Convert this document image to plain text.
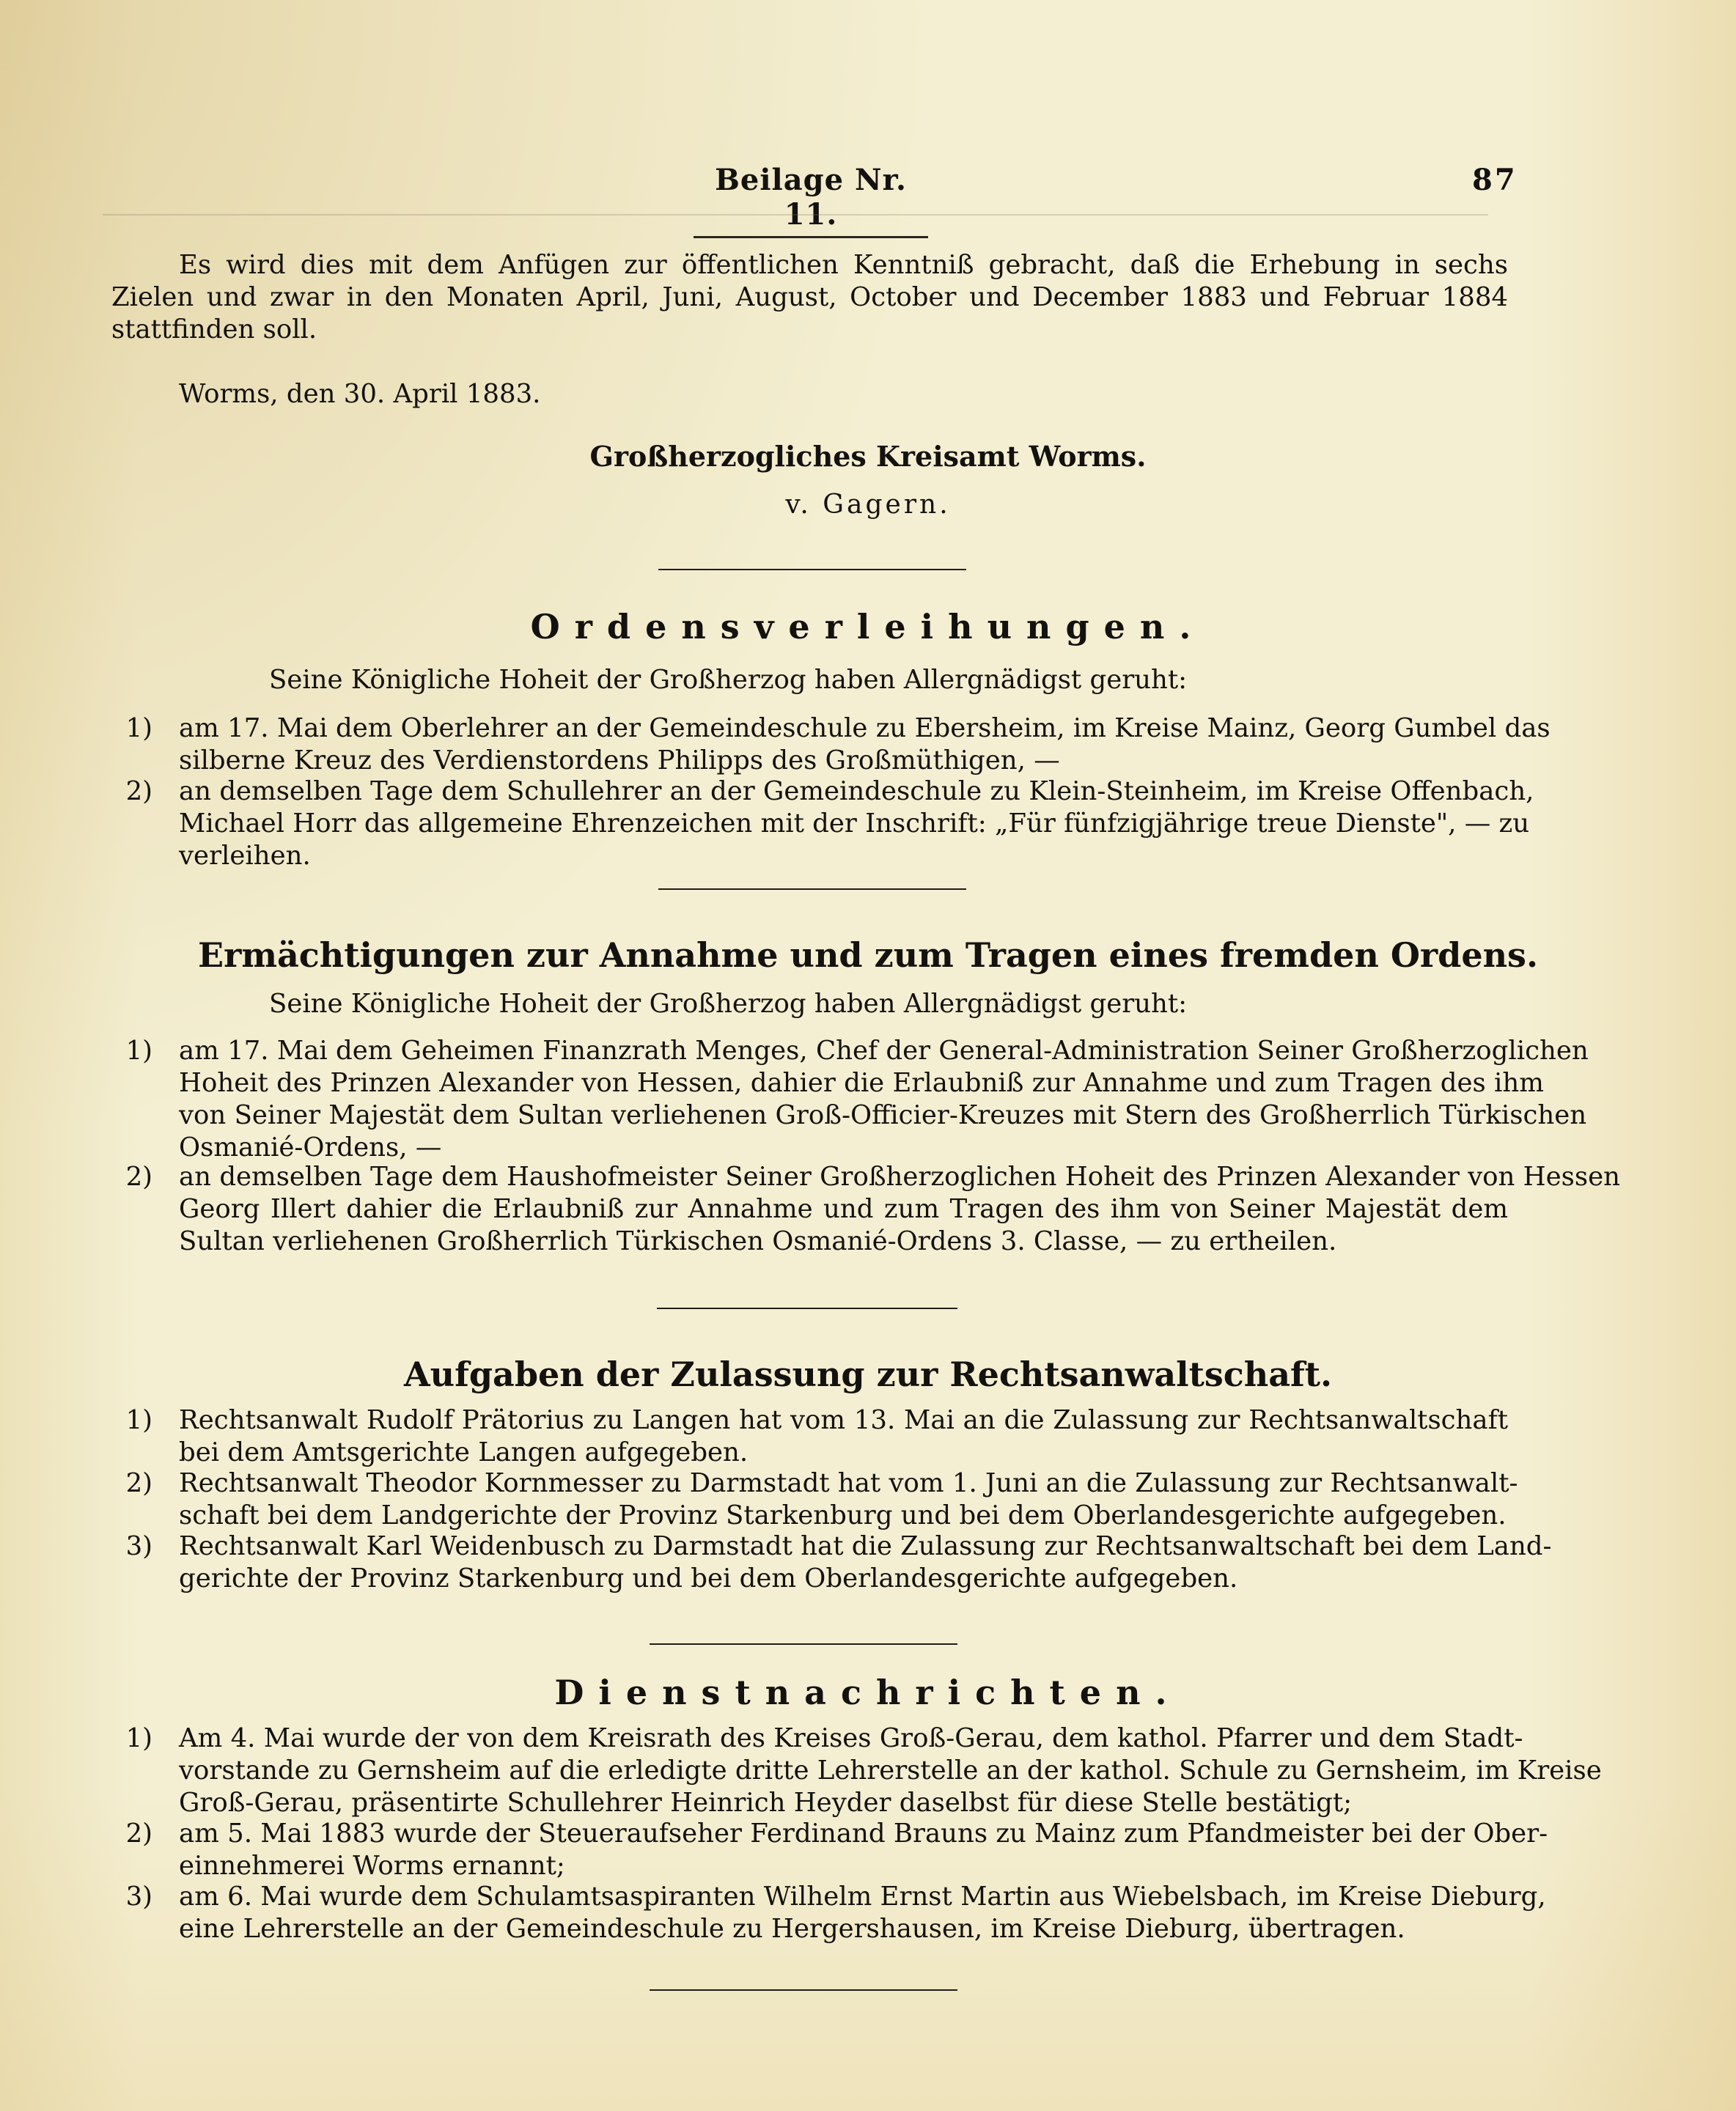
Beilage Nr. 11.
87
Es wird dies mit dem Anfügen zur öffentlichen Kenntniß gebracht, daß die Erhebung in sechs
Zielen und zwar in den Monaten April, Juni, August, October und December 1883 und Februar 1884
stattfinden soll.
Worms, den 30. April 1883.
Großherzogliches Kreisamt Worms.
v. Gagern.
Ordensverleihungen.
Seine Königliche Hoheit der Großherzog haben Allergnädigst geruht:
1) am 17. Mai dem Oberlehrer an der Gemeindeschule zu Ebersheim, im Kreise Mainz, Georg Gumbel das
silberne Kreuz des Verdienstordens Philipps des Großmüthigen, —
2) an demselben Tage dem Schullehrer an der Gemeindeschule zu Klein-Steinheim, im Kreise Offenbach,
Michael Horr das allgemeine Ehrenzeichen mit der Inschrift: „Für fünfzigjährige treue Dienste", — zu
verleihen.
Ermächtigungen zur Annahme und zum Tragen eines fremden Ordens.
Seine Königliche Hoheit der Großherzog haben Allergnädigst geruht:
1) am 17. Mai dem Geheimen Finanzrath Menges, Chef der General-Administration Seiner Großherzoglichen
Hoheit des Prinzen Alexander von Hessen, dahier die Erlaubniß zur Annahme und zum Tragen des ihm
von Seiner Majestät dem Sultan verliehenen Groß-Officier-Kreuzes mit Stern des Großherrlich Türkischen
Osmanié-Ordens, —
2) an demselben Tage dem Haushofmeister Seiner Großherzoglichen Hoheit des Prinzen Alexander von Hessen
Georg Illert dahier die Erlaubniß zur Annahme und zum Tragen des ihm von Seiner Majestät dem
Sultan verliehenen Großherrlich Türkischen Osmanié-Ordens 3. Classe, — zu ertheilen.
Aufgaben der Zulassung zur Rechtsanwaltschaft.
1) Rechtsanwalt Rudolf Prätorius zu Langen hat vom 13. Mai an die Zulassung zur Rechtsanwaltschaft
bei dem Amtsgerichte Langen aufgegeben.
2) Rechtsanwalt Theodor Kornmesser zu Darmstadt hat vom 1. Juni an die Zulassung zur Rechtsanwalt-
schaft bei dem Landgerichte der Provinz Starkenburg und bei dem Oberlandesgerichte aufgegeben.
3) Rechtsanwalt Karl Weidenbusch zu Darmstadt hat die Zulassung zur Rechtsanwaltschaft bei dem Land-
gerichte der Provinz Starkenburg und bei dem Oberlandesgerichte aufgegeben.
Dienstnachrichten.
1) Am 4. Mai wurde der von dem Kreisrath des Kreises Groß-Gerau, dem kathol. Pfarrer und dem Stadt-
vorstande zu Gernsheim auf die erledigte dritte Lehrerstelle an der kathol. Schule zu Gernsheim, im Kreise
Groß-Gerau, präsentirte Schullehrer Heinrich Heyder daselbst für diese Stelle bestätigt;
2) am 5. Mai 1883 wurde der Steueraufseher Ferdinand Brauns zu Mainz zum Pfandmeister bei der Ober-
einnehmerei Worms ernannt;
3) am 6. Mai wurde dem Schulamtsaspiranten Wilhelm Ernst Martin aus Wiebelsbach, im Kreise Dieburg,
eine Lehrerstelle an der Gemeindeschule zu Hergershausen, im Kreise Dieburg, übertragen.
